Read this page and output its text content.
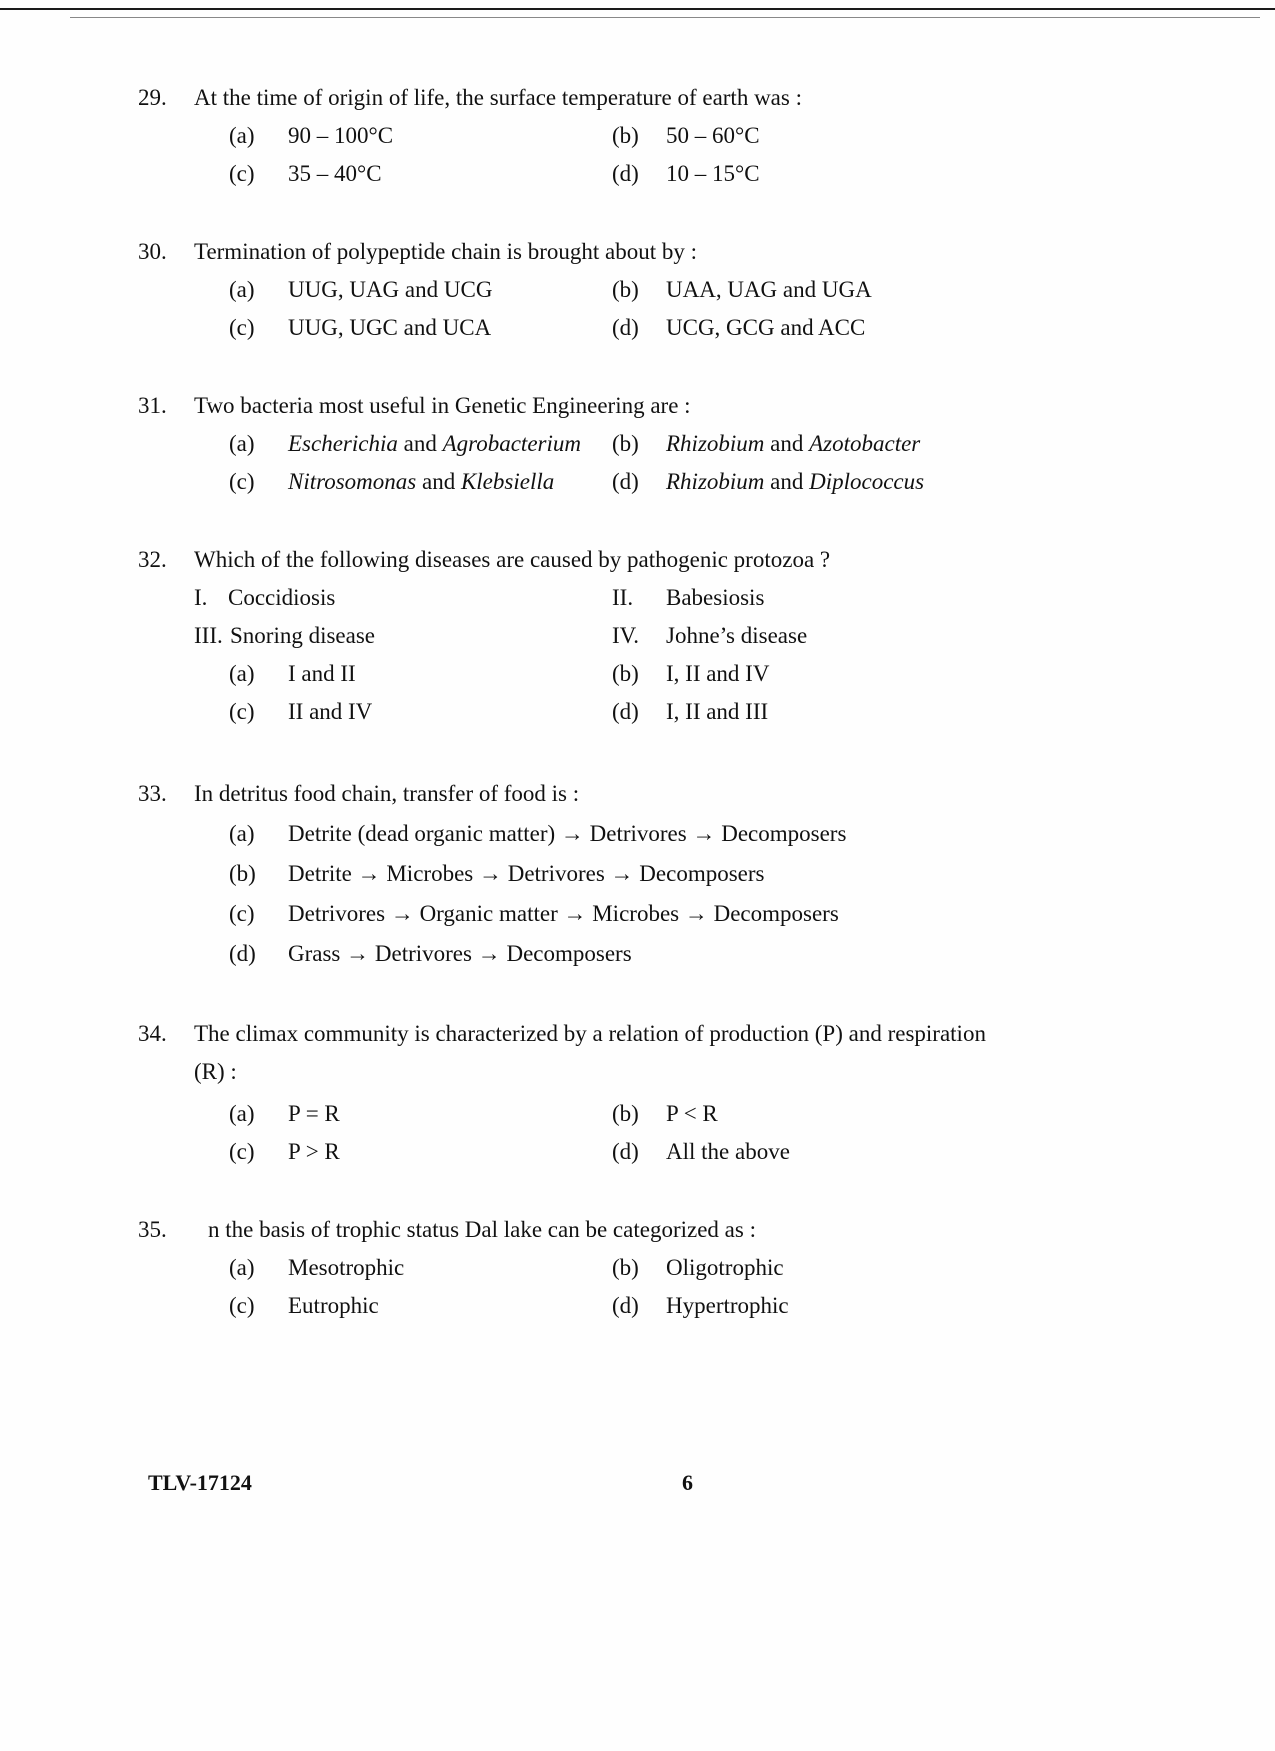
29. At the time of origin of life, the surface temperature of earth was :
(a) 90 – 100°C	(b) 50 – 60°C
(c) 35 – 40°C	(d) 10 – 15°C
30. Termination of polypeptide chain is brought about by :
(a) UUG, UAG and UCG	(b) UAA, UAG and UGA
(c) UUG, UGC and UCA	(d) UCG, GCG and ACC
31. Two bacteria most useful in Genetic Engineering are :
(a) Escherichia and Agrobacterium (b) Rhizobium and Azotobacter
(c) Nitrosomonas and Klebsiella	(d) Rhizobium and Diplococcus
32. Which of the following diseases are caused by pathogenic protozoa ?
I. Coccidiosis	II. Babesiosis
III. Snoring disease	IV. Johne’s disease
(a) I and II	(b) I, II and IV
(c) II and IV	(d) I, II and III
33. In detritus food chain, transfer of food is :
(a) Detrite (dead organic matter) → Detrivores → Decomposers
(b) Detrite → Microbes → Detrivores → Decomposers
(c) Detrivores → Organic matter → Microbes → Decomposers
(d) Grass → Detrivores → Decomposers
34. The climax community is characterized by a relation of production (P) and respiration
(R) :
(a) P = R	(b) P < R
(c) P > R	(d) All the above
35. n the basis of trophic status Dal lake can be categorized as :
(a) Mesotrophic	(b) Oligotrophic
(c) Eutrophic	(d) Hypertrophic
TLV-17124	6
